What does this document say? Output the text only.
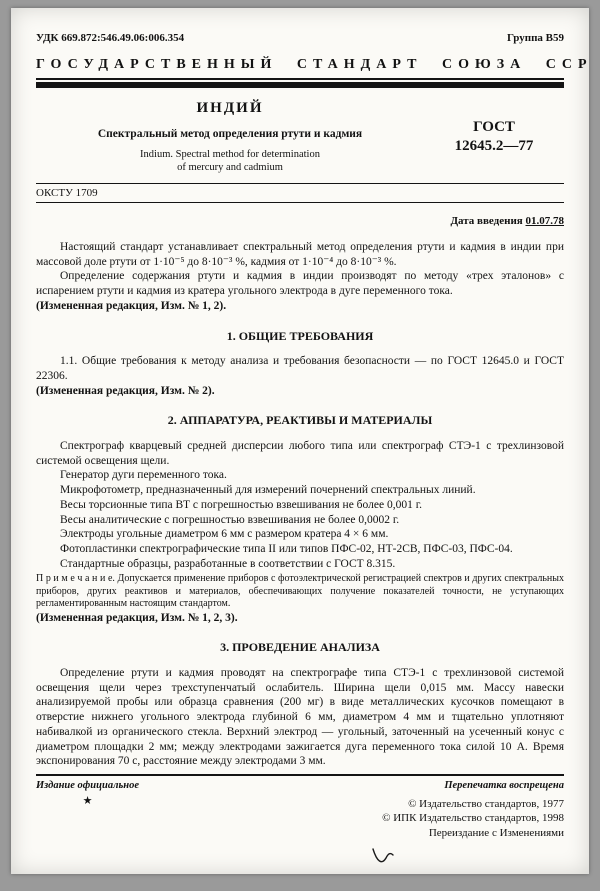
УДК 669.872:546.49.06:006.354	Группа В59
ГОСУДАРСТВЕННЫЙ СТАНДАРТ СОЮЗА ССР
ИНДИЙ
Спектральный метод определения ртути и кадмия
Indium. Spectral method for determination
of mercury and cadmium
ГОСТ
12645.2—77
ОКСТУ 1709
Дата введения 01.07.78

Настоящий стандарт устанавливает спектральный метод определения ртути и кадмия в индии при массовой доле ртути от 1·10⁻⁵ до 8·10⁻³ %, кадмия от 1·10⁻⁴ до 8·10⁻³ %.

Определение содержания ртути и кадмия в индии производят по методу «трех эталонов» с испарением ртути и кадмия из кратера угольного электрода в дуге переменного тока.

(Измененная редакция, Изм. № 1, 2).

1. ОБЩИЕ ТРЕБОВАНИЯ

1.1. Общие требования к методу анализа и требования безопасности — по ГОСТ 12645.0 и ГОСТ 22306.

(Измененная редакция, Изм. № 2).

2. АППАРАТУРА, РЕАКТИВЫ И МАТЕРИАЛЫ

Спектрограф кварцевый средней дисперсии любого типа или спектрограф СТЭ-1 с трехлинзовой системой освещения щели.

Генератор дуги переменного тока.

Микрофотометр, предназначенный для измерений почернений спектральных линий.

Весы торсионные типа ВТ с погрешностью взвешивания не более 0,001 г.

Весы аналитические с погрешностью взвешивания не более 0,0002 г.

Электроды угольные диаметром 6 мм с размером кратера 4 × 6 мм.

Фотопластинки спектрографические типа II или типов ПФС-02, НТ-2СВ, ПФС-03, ПФС-04.

Стандартные образцы, разработанные в соответствии с ГОСТ 8.315.

П р и м е ч а н и е. Допускается применение приборов с фотоэлектрической регистрацией спектров и других спектральных приборов, других реактивов и материалов, обеспечивающих получение показателей точности, не уступающих регламентированным настоящим стандартом.

(Измененная редакция, Изм. № 1, 2, 3).

3. ПРОВЕДЕНИЕ АНАЛИЗА

Определение ртути и кадмия проводят на спектрографе типа СТЭ-1 с трехлинзовой системой освещения щели через трехступенчатый ослабитель. Ширина щели 0,015 мм. Массу навески анализируемой пробы или образца сравнения (200 мг) в виде металлических кусочков помещают в отверстие нижнего угольного электрода глубиной 6 мм, диаметром 4 мм и тщательно уплотняют набивалкой из органического стекла. Верхний электрод — угольный, заточенный на усеченный конус с диаметром площадки 2 мм; между электродами зажигается дуга переменного тока силой 10 А. Время экспонирования 70 с, расстояние между электродами 3 мм.

Издание официальное
★
Перепечатка воспрещена
© Издательство стандартов, 1977
© ИПК Издательство стандартов, 1998
Переиздание с Изменениями
